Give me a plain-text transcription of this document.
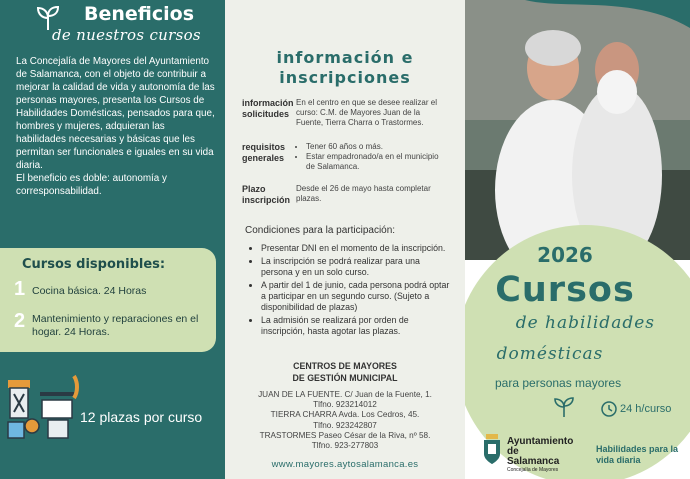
Beneficios
de nuestros cursos

La Concejalía de Mayores del Ayuntamiento de Salamanca, con el objeto de contribuir a mejorar la calidad de vida y autonomía de las personas mayores, presenta los Cursos de Habilidades Domésticas, pensados para que, hombres y mujeres, adquieran las habilidades necesarias y básicas que les permitan ser funcionales e iguales en su vida diaria.

El beneficio es doble: autonomía y corresponsabilidad.

Cursos disponibles:
1 Cocina básica. 24 Horas
2 Mantenimiento y reparaciones en el hogar. 24 Horas.
12 plazas por curso
información e inscripciones
información solicitudes
En el centro en que se desee realizar el curso: C.M. de Mayores Juan de la Fuente, Tierra Charra o Trastormes.
requisitos generales
• Tener 60 años o más.
• Estar empadronado/a en el municipio de Salamanca.
Plazo inscripción
Desde el 26 de mayo hasta completar plazas.
Condiciones para la participación:
• Presentar DNI en el momento de la inscripción.
• La inscripción se podrá realizar para una persona y en un solo curso.
• A partir del 1 de junio, cada persona podrá optar a participar en un segundo curso. (Sujeto a disponibilidad de plazas)
• La admisión se realizará por orden de inscripción, hasta agotar las plazas.
CENTROS DE MAYORES DE GESTIÓN MUNICIPAL
JUAN DE LA FUENTE. C/ Juan de la Fuente, 1.
Tlfno. 923214012
TIERRA CHARRA Avda. Los Cedros, 45.
Tlfno. 923242807
TRASTORMES Paseo César de la Riva, nº 58.
Tlfno. 923-277803
www.mayores.aytosalamanca.es
2026
Cursos
de habilidades
domésticas
para personas mayores
24 h/curso
Ayuntamiento de Salamanca
Concejalía de Mayores
Habilidades para la vida diaria
